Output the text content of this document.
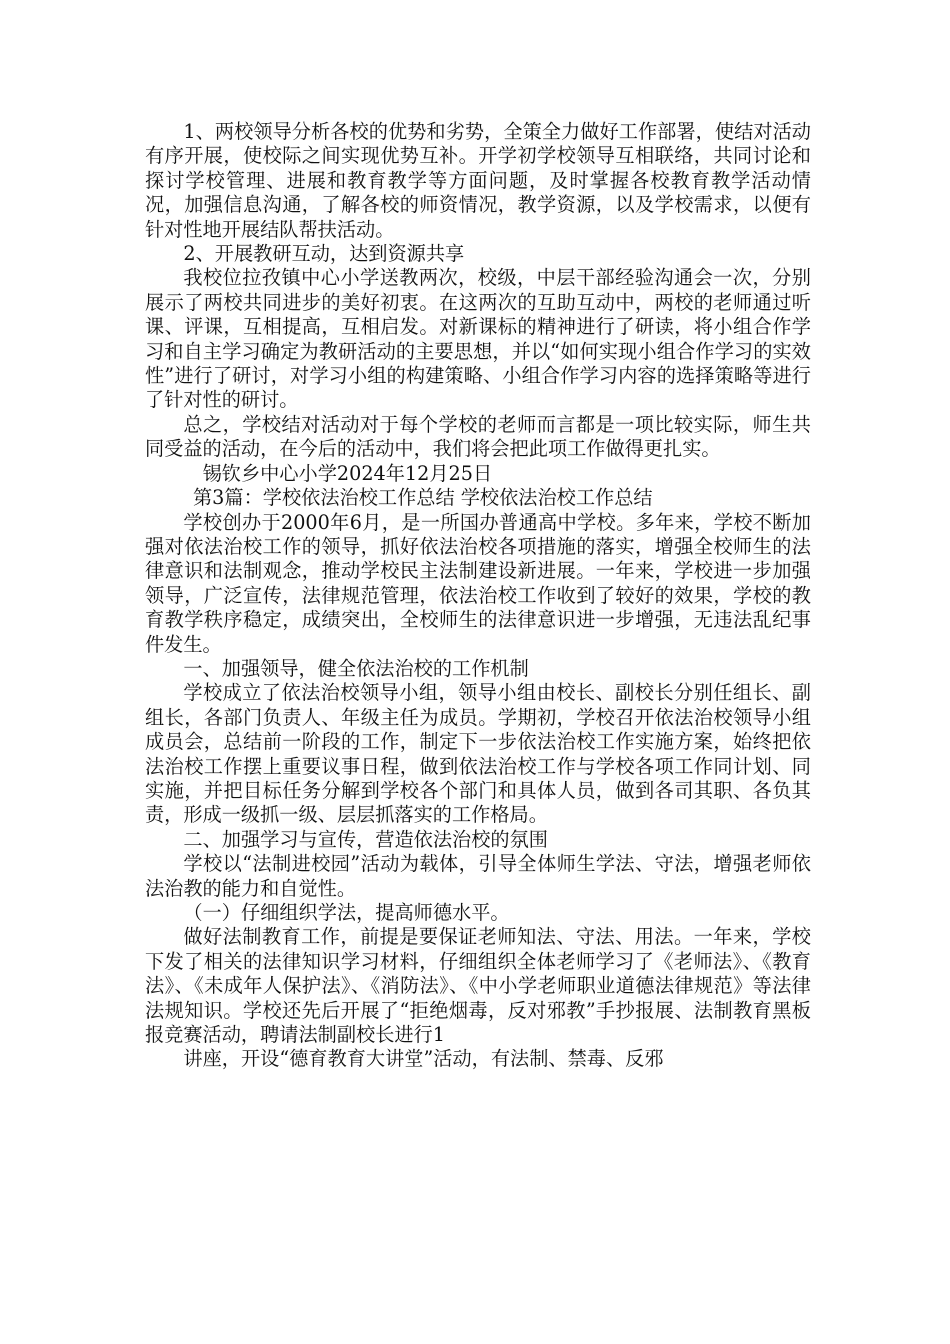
1、两校领导分析各校的优势和劣势，全策全力做好工作部署，使结对活动有序开展，使校际之间实现优势互补。开学初学校领导互相联络，共同讨论和探讨学校管理、进展和教育教学等方面问题，及时掌握各校教育教学活动情况，加强信息沟通，了解各校的师资情况，教学资源，以及学校需求，以便有针对性地开展结队帮扶活动。

2、开展教研互动，达到资源共享

我校位拉孜镇中心小学送教两次，校级，中层干部经验沟通会一次，分别展示了两校共同进步的美好初衷。在这两次的互助互动中，两校的老师通过听课、评课，互相提高，互相启发。对新课标的精神进行了研读，将小组合作学习和自主学习确定为教研活动的主要思想，并以“如何实现小组合作学习的实效性”进行了研讨，对学习小组的构建策略、小组合作学习内容的选择策略等进行了针对性的研讨。

总之，学校结对活动对于每个学校的老师而言都是一项比较实际，师生共同受益的活动，在今后的活动中，我们将会把此项工作做得更扎实。

锡钦乡中心小学2024年12月25日

第3篇：学校依法治校工作总结 学校依法治校工作总结

学校创办于2000年6月，是一所国办普通高中学校。多年来，学校不断加强对依法治校工作的领导，抓好依法治校各项措施的落实，增强全校师生的法律意识和法制观念，推动学校民主法制建设新进展。一年来，学校进一步加强领导，广泛宣传，法律规范管理，依法治校工作收到了较好的效果，学校的教育教学秩序稳定，成绩突出，全校师生的法律意识进一步增强，无违法乱纪事件发生。

一、加强领导，健全依法治校的工作机制

学校成立了依法治校领导小组，领导小组由校长、副校长分别任组长、副组长，各部门负责人、年级主任为成员。学期初，学校召开依法治校领导小组成员会，总结前一阶段的工作，制定下一步依法治校工作实施方案，始终把依法治校工作摆上重要议事日程，做到依法治校工作与学校各项工作同计划、同实施，并把目标任务分解到学校各个部门和具体人员，做到各司其职、各负其责，形成一级抓一级、层层抓落实的工作格局。

二、加强学习与宣传，营造依法治校的氛围

学校以“法制进校园”活动为载体，引导全体师生学法、守法，增强老师依法治教的能力和自觉性。

（一）仔细组织学法，提高师德水平。

做好法制教育工作，前提是要保证老师知法、守法、用法。一年来，学校下发了相关的法律知识学习材料，仔细组织全体老师学习了《老师法》、《教育法》、《未成年人保护法》、《消防法》、《中小学老师职业道德法律规范》等法律法规知识。学校还先后开展了“拒绝烟毒，反对邪教”手抄报展、法制教育黑板报竞赛活动，聘请法制副校长进行1

讲座，开设“德育教育大讲堂”活动，有法制、禁毒、反邪
